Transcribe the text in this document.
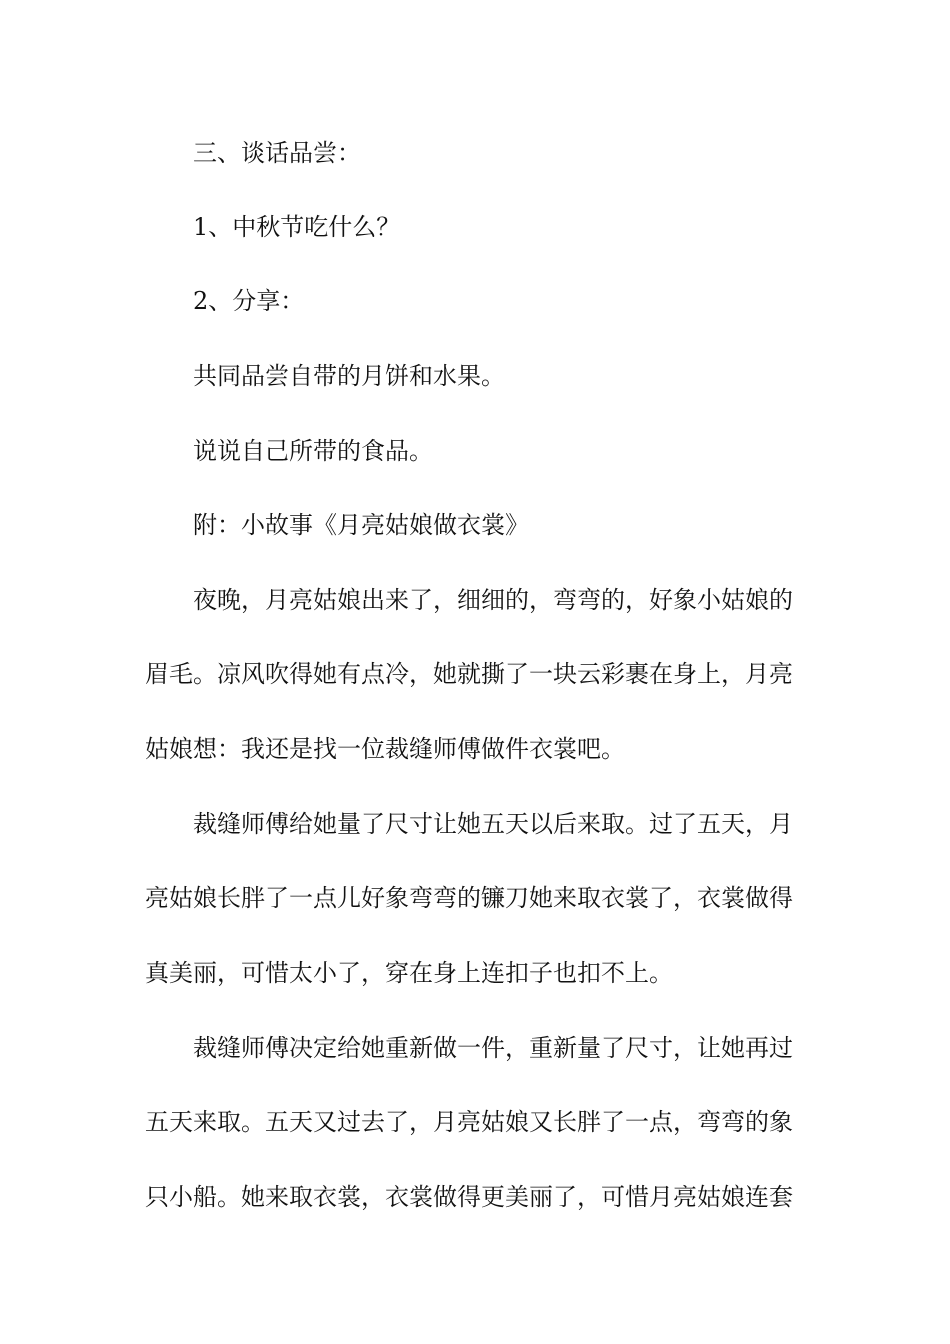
三、谈话品尝：

1、中秋节吃什么？

2、分享：

共同品尝自带的月饼和水果。

说说自己所带的食品。

附：小故事《月亮姑娘做衣裳》

夜晚，月亮姑娘出来了，细细的，弯弯的，好象小姑娘的

眉毛。凉风吹得她有点冷，她就撕了一块云彩裹在身上，月亮

姑娘想：我还是找一位裁缝师傅做件衣裳吧。

裁缝师傅给她量了尺寸让她五天以后来取。过了五天，月

亮姑娘长胖了一点儿好象弯弯的镰刀她来取衣裳了，衣裳做得

真美丽，可惜太小了，穿在身上连扣子也扣不上。

裁缝师傅决定给她重新做一件，重新量了尺寸，让她再过

五天来取。五天又过去了，月亮姑娘又长胖了一点，弯弯的象

只小船。她来取衣裳，衣裳做得更美丽了，可惜月亮姑娘连套
